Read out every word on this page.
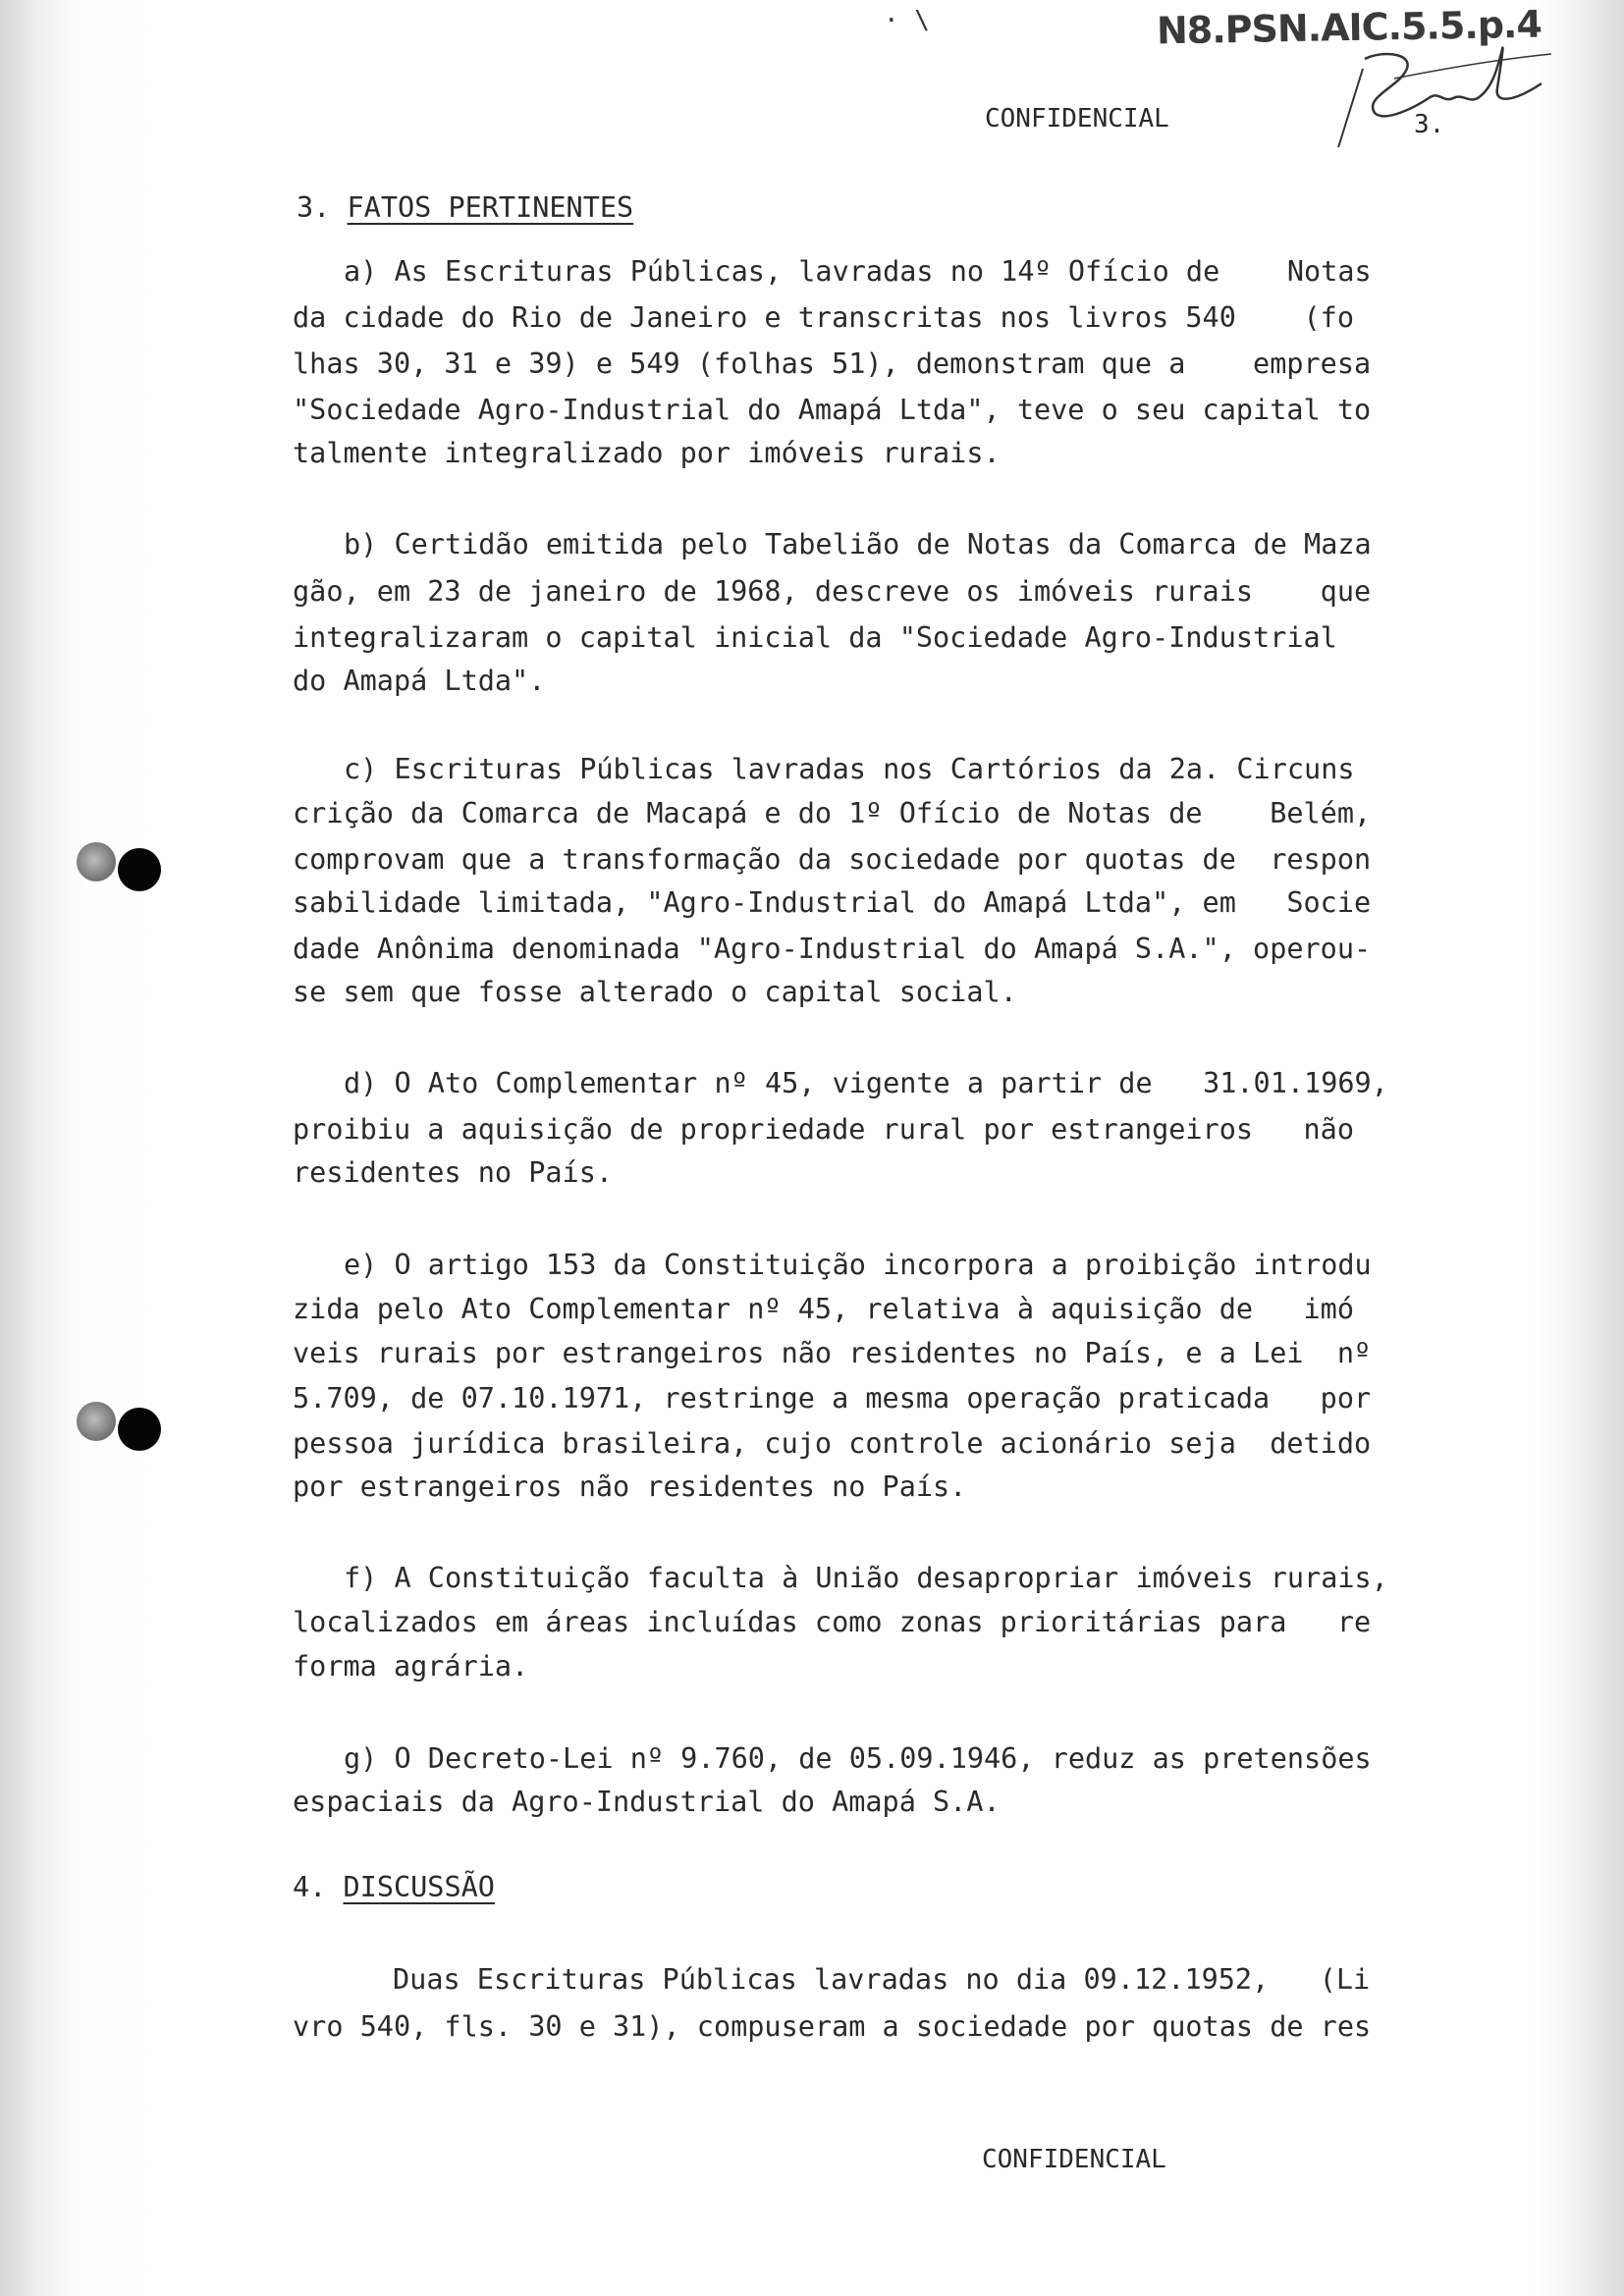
· \	N8.PSN.AIC.5.5.p.4
CONFIDENCIAL	3.
3. FATOS PERTINENTES
a) As Escrituras Públicas, lavradas no 14º Ofício de    Notas
da cidade do Rio de Janeiro e transcritas nos livros 540    (fo
lhas 30, 31 e 39) e 549 (folhas 51), demonstram que a    empresa
"Sociedade Agro-Industrial do Amapá Ltda", teve o seu capital to
talmente integralizado por imóveis rurais.
b) Certidão emitida pelo Tabelião de Notas da Comarca de Maza
gão, em 23 de janeiro de 1968, descreve os imóveis rurais    que
integralizaram o capital inicial da "Sociedade Agro-Industrial
do Amapá Ltda".
c) Escrituras Públicas lavradas nos Cartórios da 2a. Circuns
crição da Comarca de Macapá e do 1º Ofício de Notas de    Belém,
comprovam que a transformação da sociedade por quotas de  respon
sabilidade limitada, "Agro-Industrial do Amapá Ltda", em   Socie
dade Anônima denominada "Agro-Industrial do Amapá S.A.", operou-
se sem que fosse alterado o capital social.
d) O Ato Complementar nº 45, vigente a partir de   31.01.1969,
proibiu a aquisição de propriedade rural por estrangeiros   não
residentes no País.
e) O artigo 153 da Constituição incorpora a proibição introdu
zida pelo Ato Complementar nº 45, relativa à aquisição de   imó
veis rurais por estrangeiros não residentes no País, e a Lei  nº
5.709, de 07.10.1971, restringe a mesma operação praticada   por
pessoa jurídica brasileira, cujo controle acionário seja  detido
por estrangeiros não residentes no País.
f) A Constituição faculta à União desapropriar imóveis rurais,
localizados em áreas incluídas como zonas prioritárias para   re
forma agrária.
g) O Decreto-Lei nº 9.760, de 05.09.1946, reduz as pretensões
espaciais da Agro-Industrial do Amapá S.A.
4. DISCUSSÃO
Duas Escrituras Públicas lavradas no dia 09.12.1952,   (Li
vro 540, fls. 30 e 31), compuseram a sociedade por quotas de res
CONFIDENCIAL
